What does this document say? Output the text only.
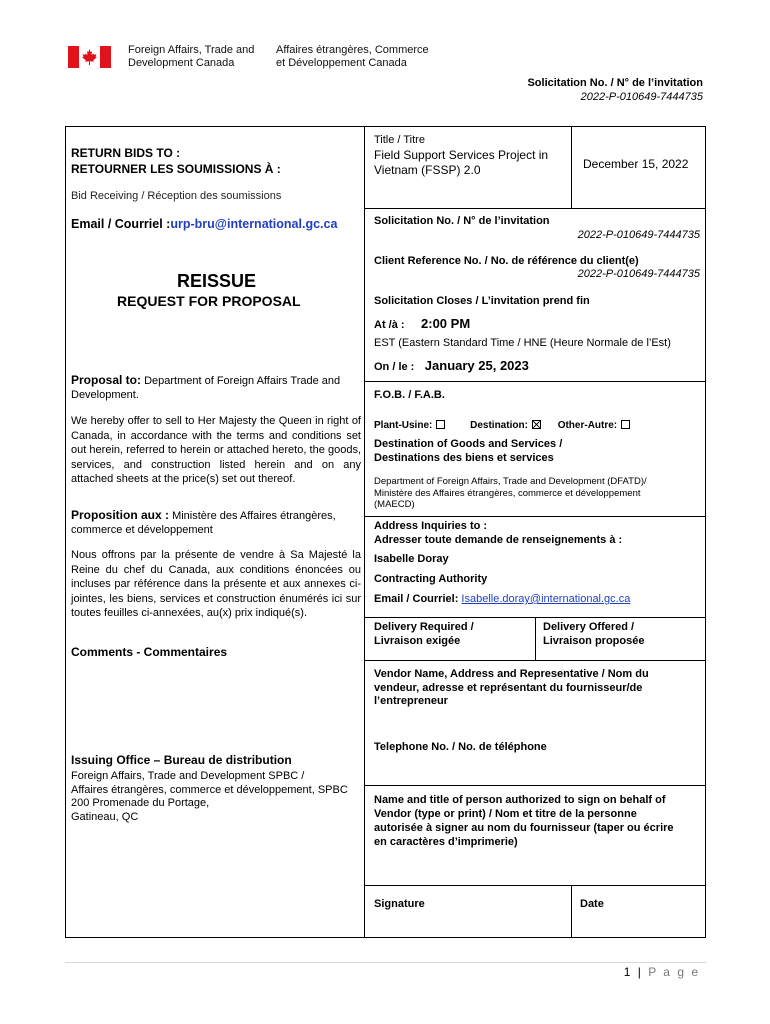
Foreign Affairs, Trade and
Development Canada
Affaires étrangères, Commerce
et Développement Canada
Solicitation No. / N° de l’invitation
2022-P-010649-7444735
RETURN BIDS TO :
RETOURNER LES SOUMISSIONS À :
Bid Receiving / Réception des soumissions
Email / Courriel :urp-bru@international.gc.ca
REISSUE
REQUEST FOR PROPOSAL
Proposal to: Department of Foreign Affairs Trade and Development.
We hereby offer to sell to Her Majesty the Queen in right of Canada, in accordance with the terms and conditions set out herein, referred to herein or attached hereto, the goods, services, and construction listed herein and on any attached sheets at the price(s) set out thereof.
Proposition aux : Ministère des Affaires étrangères, commerce et développement
Nous offrons par la présente de vendre à Sa Majesté la Reine du chef du Canada, aux conditions énoncées ou incluses par référence dans la présente et aux annexes ci-jointes, les biens, services et construction énumérés ici sur toutes feuilles ci-annexées, au(x) prix indiqué(s).
Comments - Commentaires
Issuing Office – Bureau de distribution
Foreign Affairs, Trade and Development SPBC /
Affaires étrangères, commerce et développement, SPBC
200 Promenade du Portage,
Gatineau, QC
Title / Titre
Field Support Services Project in Vietnam (FSSP) 2.0	December 15, 2022
Solicitation No. / N° de l’invitation
2022-P-010649-7444735
Client Reference No. / No. de référence du client(e)
2022-P-010649-7444735
Solicitation Closes / L’invitation prend fin
At /à : 2:00 PM
EST (Eastern Standard Time / HNE (Heure Normale de l’Est)
On / le : January 25, 2023
F.O.B. / F.A.B.
Plant-Usine:	Destination:	Other-Autre:
Destination of Goods and Services /
Destinations des biens et services
Department of Foreign Affairs, Trade and Development (DFATD)/
Ministère des Affaires étrangères, commerce et développement
(MAECD)
Address Inquiries to :
Adresser toute demande de renseignements à :
Isabelle Doray
Contracting Authority
Email / Courriel: Isabelle.doray@international.gc.ca
Delivery Required /
Livraison exigée
Delivery Offered /
Livraison proposée
Vendor Name, Address and Representative / Nom du
vendeur, adresse et représentant du fournisseur/de
l’entrepreneur
Telephone No. / No. de téléphone
Name and title of person authorized to sign on behalf of
Vendor (type or print) / Nom et titre de la personne
autorisée à signer au nom du fournisseur (taper ou écrire
en caractères d’imprimerie)
Signature	Date
1 | P a g e
